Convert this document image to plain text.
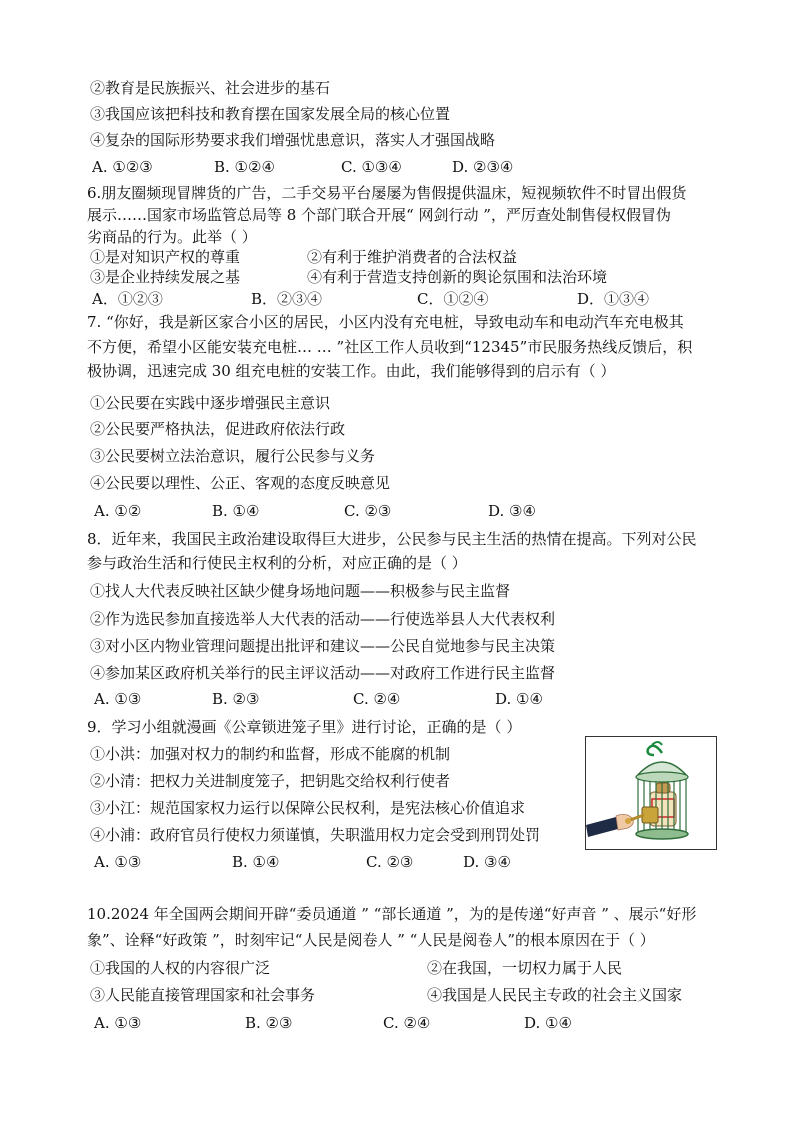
②教育是民族振兴、社会进步的基石
③我国应该把科技和教育摆在国家发展全局的核心位置
④复杂的国际形势要求我们增强忧患意识，落实人才强国战略
A. ①②③	B. ①②④	C. ①③④	D. ②③④
6.朋友圈频现冒牌货的广告，二手交易平台屡屡为售假提供温床，短视频软件不时冒出假货
展示……国家市场监管总局等 8 个部门联合开展“ 网剑行动 ”，严厉查处制售侵权假冒伪
劣商品的行为。此举（ ）
①是对知识产权的尊重	②有利于维护消费者的合法权益
③是企业持续发展之基	④有利于营造支持创新的舆论氛围和法治环境
A．①②③	B．②③④	C．①②④	D．①③④
7. “你好，我是新区家合小区的居民，小区内没有充电桩，导致电动车和电动汽车充电极其
不方便，希望小区能安装充电桩… … ”社区工作人员收到“12345”市民服务热线反馈后，积
极协调，迅速完成 30 组充电桩的安装工作。由此，我们能够得到的启示有（ ）
①公民要在实践中逐步增强民主意识
②公民要严格执法，促进政府依法行政
③公民要树立法治意识，履行公民参与义务
④公民要以理性、公正、客观的态度反映意见
A. ①②	B. ①④	C. ②③	D. ③④
8．近年来，我国民主政治建设取得巨大进步，公民参与民主生活的热情在提高。下列对公民
参与政治生活和行使民主权利的分析，对应正确的是（ ）
①找人大代表反映社区缺少健身场地问题——积极参与民主监督
②作为选民参加直接选举人大代表的活动——行使选举县人大代表权利
③对小区内物业管理问题提出批评和建议——公民自觉地参与民主决策
④参加某区政府机关举行的民主评议活动——对政府工作进行民主监督
A. ①③	B. ②③	C. ②④	D. ①④
9．学习小组就漫画《公章锁进笼子里》进行讨论，正确的是（ ）
①小洪：加强对权力的制约和监督，形成不能腐的机制
②小清：把权力关进制度笼子，把钥匙交给权利行使者
③小江：规范国家权力运行以保障公民权利，是宪法核心价值追求
④小浦：政府官员行使权力须谨慎，失职滥用权力定会受到刑罚处罚
A. ①③	B. ①④	C. ②③	D. ③④
10.2024 年全国两会期间开辟“委员通道 ” “部长通道 ”，为的是传递“好声音 ” 、展示“好形
象”、诠释“好政策 ”，时刻牢记“人民是阅卷人 ” “人民是阅卷人”的根本原因在于（ ）
①我国的人权的内容很广泛	②在我国，一切权力属于人民
③人民能直接管理国家和社会事务	④我国是人民民主专政的社会主义国家
A. ①③	B. ②③	C. ②④	D. ①④
